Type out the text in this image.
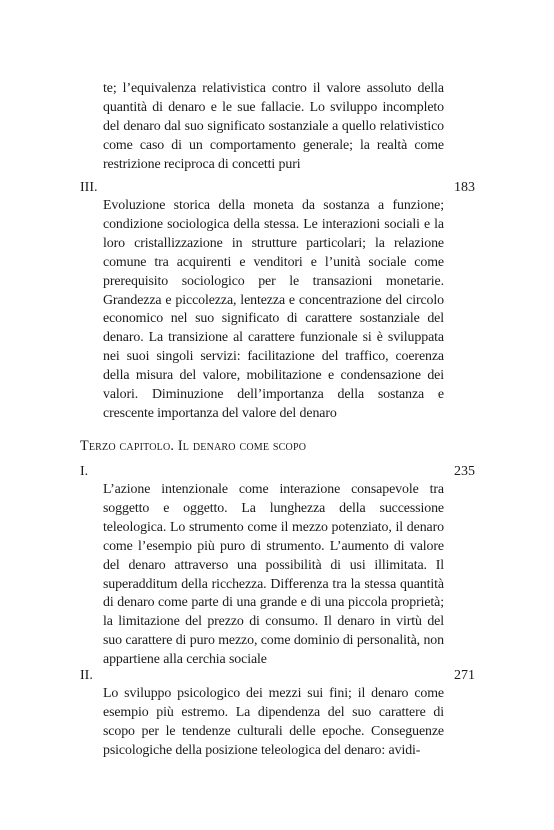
te; l’equivalenza relativistica contro il valore assoluto della quantità di denaro e le sue fallacie. Lo sviluppo incompleto del denaro dal suo significato sostanziale a quello relativistico come caso di un comportamento generale; la realtà come restrizione reciproca di concetti puri
III.	183
Evoluzione storica della moneta da sostanza a funzione; condizione sociologica della stessa. Le interazioni sociali e la loro cristallizzazione in strutture particolari; la relazione comune tra acquirenti e venditori e l’unità sociale come prerequisito sociologico per le transazioni monetarie. Grandezza e piccolezza, lentezza e concentrazione del circolo economico nel suo significato di carattere sostanziale del denaro. La transizione al carattere funzionale si è sviluppata nei suoi singoli servizi: facilitazione del traffico, coerenza della misura del valore, mobilitazione e condensazione dei valori. Diminuzione dell’importanza della sostanza e crescente importanza del valore del denaro
Terzo capitolo. Il denaro come scopo
I.	235
L’azione intenzionale come interazione consapevole tra soggetto e oggetto. La lunghezza della successione teleologica. Lo strumento come il mezzo potenziato, il denaro come l’esempio più puro di strumento. L’aumento di valore del denaro attraverso una possibilità di usi illimitata. Il superadditum della ricchezza. Differenza tra la stessa quantità di denaro come parte di una grande e di una piccola proprietà; la limitazione del prezzo di consumo. Il denaro in virtù del suo carattere di puro mezzo, come dominio di personalità, non appartiene alla cerchia sociale
II.	271
Lo sviluppo psicologico dei mezzi sui fini; il denaro come esempio più estremo. La dipendenza del suo carattere di scopo per le tendenze culturali delle epoche. Conseguenze psicologiche della posizione teleologica del denaro: avidi-
